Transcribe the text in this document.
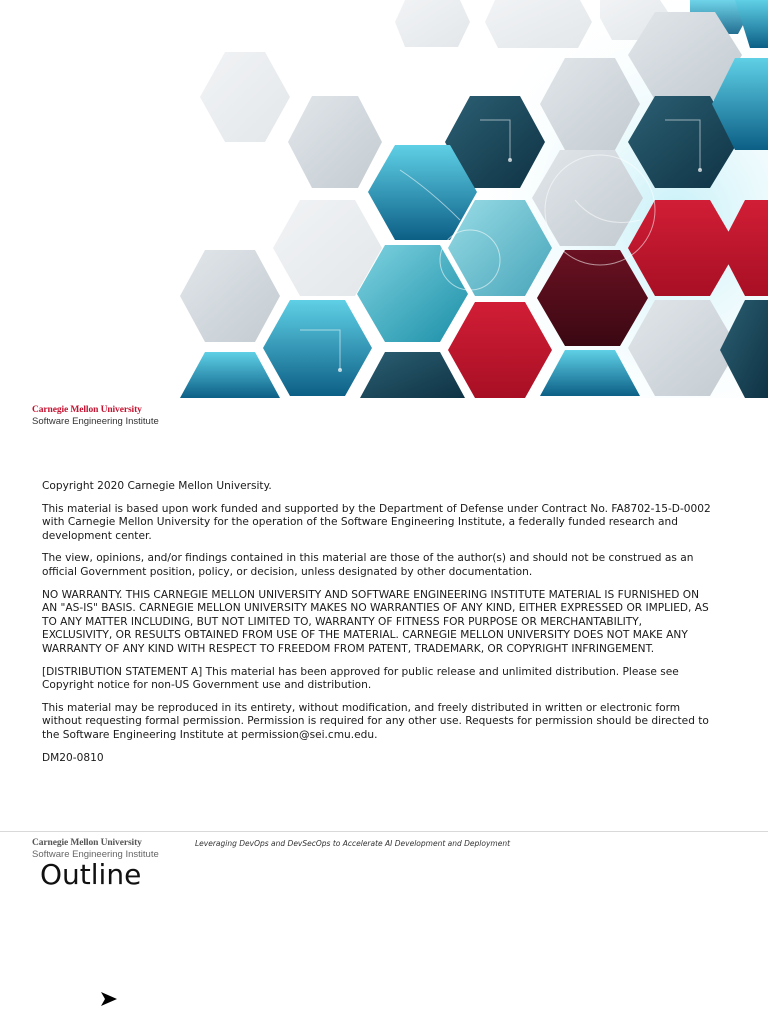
Carnegie Mellon University
Software Engineering Institute

Copyright 2020 Carnegie Mellon University.

This material is based upon work funded and supported by the Department of Defense under Contract No. FA8702-15-D-0002 with Carnegie Mellon University for the operation of the Software Engineering Institute, a federally funded research and development center.

The view, opinions, and/or findings contained in this material are those of the author(s) and should not be construed as an official Government position, policy, or decision, unless designated by other documentation.

NO WARRANTY. THIS CARNEGIE MELLON UNIVERSITY AND SOFTWARE ENGINEERING INSTITUTE MATERIAL IS FURNISHED ON AN "AS-IS" BASIS. CARNEGIE MELLON UNIVERSITY MAKES NO WARRANTIES OF ANY KIND, EITHER EXPRESSED OR IMPLIED, AS TO ANY MATTER INCLUDING, BUT NOT LIMITED TO, WARRANTY OF FITNESS FOR PURPOSE OR MERCHANTABILITY, EXCLUSIVITY, OR RESULTS OBTAINED FROM USE OF THE MATERIAL. CARNEGIE MELLON UNIVERSITY DOES NOT MAKE ANY WARRANTY OF ANY KIND WITH RESPECT TO FREEDOM FROM PATENT, TRADEMARK, OR COPYRIGHT INFRINGEMENT.

[DISTRIBUTION STATEMENT A] This material has been approved for public release and unlimited distribution. Please see Copyright notice for non-US Government use and distribution.

This material may be reproduced in its entirety, without modification, and freely distributed in written or electronic form without requesting formal permission. Permission is required for any other use. Requests for permission should be directed to the Software Engineering Institute at permission@sei.cmu.edu.

DM20-0810

Carnegie Mellon University
Software Engineering Institute
Leveraging DevOps and DevSecOps to Accelerate AI Development and Deployment
Outline
